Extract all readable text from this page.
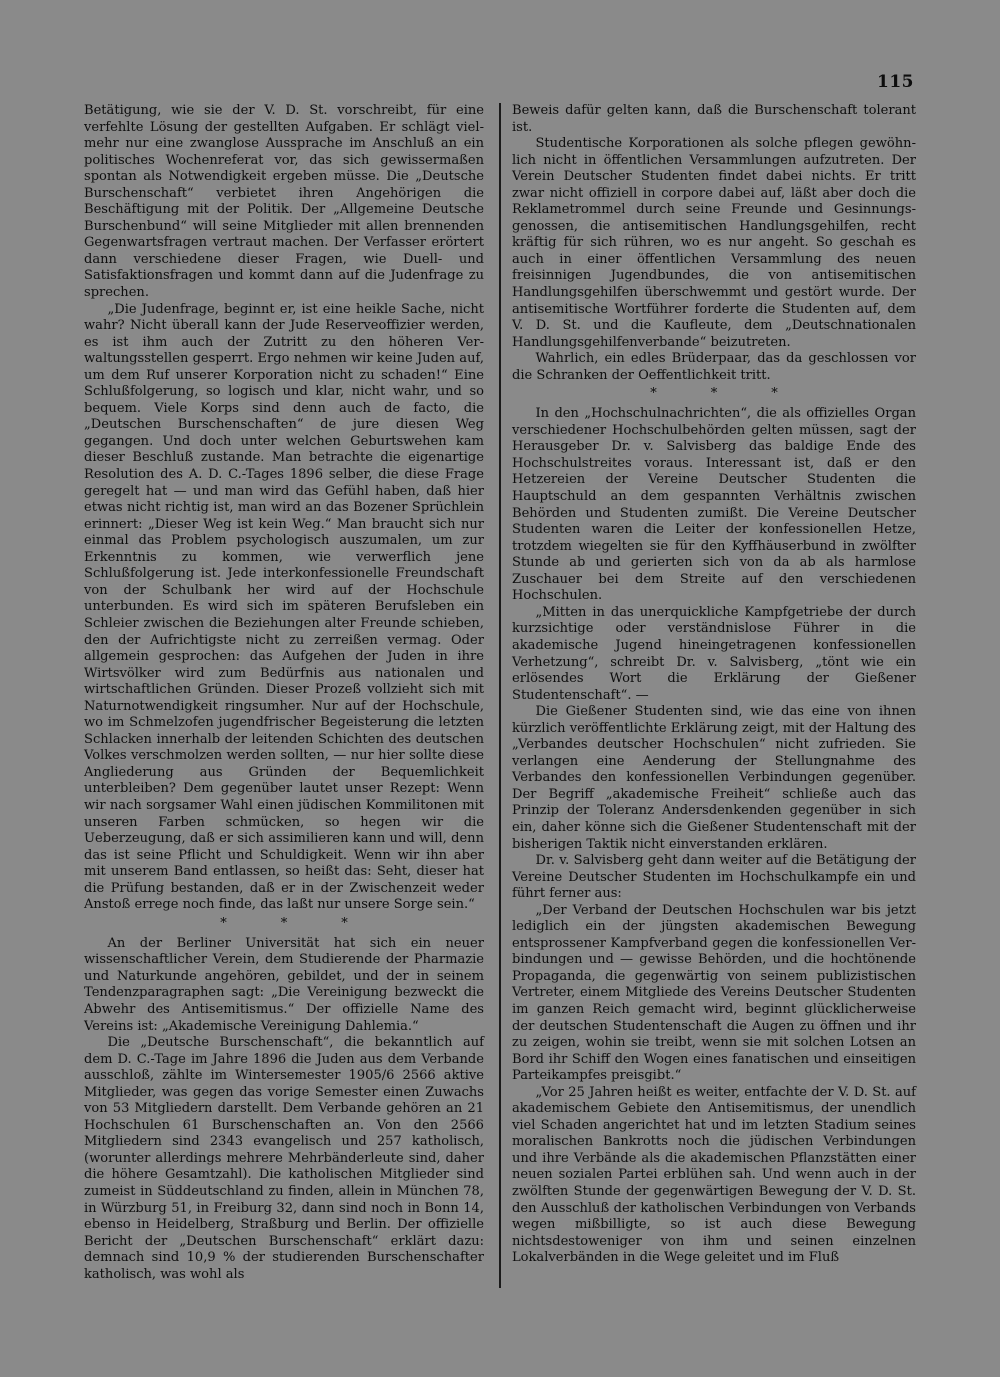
115

Betätigung, wie sie der V. D. St. vorschreibt, für eine verfehlte Lösung der gestellten Aufgaben. Er schlägt vielmehr nur eine zwanglose Aussprache im Anschluß an ein politisches Wochenreferat vor, das sich gewissermaßen spontan als Notwendigkeit ergeben müsse. Die „Deutsche Burschenschaft“ verbietet ihren Angehörigen die Beschäftigung mit der Politik. Der „Allgemeine Deutsche Burschenbund“ will seine Mitglieder mit allen brennenden Gegenwartsfragen vertraut machen. Der Verfasser erörtert dann verschiedene dieser Fragen, wie Duell- und Satisfaktionsfragen und kommt dann auf die Judenfrage zu sprechen.

„Die Judenfrage, beginnt er, ist eine heikle Sache, nicht wahr? Nicht überall kann der Jude Reserveoffizier werden, es ist ihm auch der Zutritt zu den höheren Verwaltungsstellen gesperrt. Ergo nehmen wir keine Juden auf, um dem Ruf unserer Korporation nicht zu schaden!“ Eine Schlußfolgerung, so logisch und klar, nicht wahr, und so bequem. Viele Korps sind denn auch de facto, die „Deutschen Burschenschaften“ de jure diesen Weg gegangen. Und doch unter welchen Geburtswehen kam dieser Beschluß zustande. Man betrachte die eigenartige Resolution des A. D. C.-Tages 1896 selber, die diese Frage geregelt hat — und man wird das Gefühl haben, daß hier etwas nicht richtig ist, man wird an das Bozener Sprüchlein erinnert: „Dieser Weg ist kein Weg.“ Man braucht sich nur einmal das Problem psychologisch auszumalen, um zur Erkenntnis zu kommen, wie verwerflich jene Schlußfolgerung ist. Jede interkonfessionelle Freundschaft von der Schulbank her wird auf der Hochschule unterbunden. Es wird sich im späteren Berufsleben ein Schleier zwischen die Beziehungen alter Freunde schieben, den der Aufrichtigste nicht zu zerreißen vermag. Oder allgemein gesprochen: das Aufgehen der Juden in ihre Wirtsvölker wird zum Bedürfnis aus nationalen und wirtschaftlichen Gründen. Dieser Prozeß vollzieht sich mit Naturnotwendigkeit ringsumher. Nur auf der Hochschule, wo im Schmelzofen jugendfrischer Begeisterung die letzten Schlacken innerhalb der leitenden Schichten des deutschen Volkes verschmolzen werden sollten, — nur hier sollte diese Angliederung aus Gründen der Bequemlichkeit unterbleiben? Dem gegenüber lautet unser Rezept: Wenn wir nach sorgsamer Wahl einen jüdischen Kommilitonen mit unseren Farben schmücken, so hegen wir die Ueberzeugung, daß er sich assimilieren kann und will, denn das ist seine Pflicht und Schuldigkeit. Wenn wir ihn aber mit unserem Band entlassen, so heißt das: Seht, dieser hat die Prüfung bestanden, daß er in der Zwischenzeit weder Anstoß errege noch finde, das laßt nur unsere Sorge sein.“

*	*	*

An der Berliner Universität hat sich ein neuer wissenschaftlicher Verein, dem Studierende der Pharmazie und Naturkunde angehören, gebildet, und der in seinem Tendenzparagraphen sagt: „Die Vereinigung bezweckt die Abwehr des Antisemitismus.“ Der offizielle Name des Vereins ist: „Akademische Vereinigung Dahlemia.“

Die „Deutsche Burschenschaft“, die bekanntlich auf dem D. C.-Tage im Jahre 1896 die Juden aus dem Verbande ausschloß, zählte im Wintersemester 1905/6 2566 aktive Mitglieder, was gegen das vorige Semester einen Zuwachs von 53 Mitgliedern darstellt. Dem Verbande gehören an 21 Hochschulen 61 Burschenschaften an. Von den 2566 Mitgliedern sind 2343 evangelisch und 257 katholisch, (worunter allerdings mehrere Mehrbänderleute sind, daher die höhere Gesamtzahl). Die katholischen Mitglieder sind zumeist in Süddeutschland zu finden, allein in München 78, in Würzburg 51, in Freiburg 32, dann sind noch in Bonn 14, ebenso in Heidelberg, Straßburg und Berlin. Der offizielle Bericht der „Deutschen Burschenschaft“ erklärt dazu: demnach sind 10,9 % der studierenden Burschenschafter katholisch, was wohl als

Beweis dafür gelten kann, daß die Burschenschaft tolerant ist.

Studentische Korporationen als solche pflegen gewöhnlich nicht in öffentlichen Versammlungen aufzutreten. Der Verein Deutscher Studenten findet dabei nichts. Er tritt zwar nicht offiziell in corpore dabei auf, läßt aber doch die Reklametrommel durch seine Freunde und Gesinnungsgenossen, die antisemitischen Handlungsgehilfen, recht kräftig für sich rühren, wo es nur angeht. So geschah es auch in einer öffentlichen Versammlung des neuen freisinnigen Jugendbundes, die von antisemitischen Handlungsgehilfen überschwemmt und gestört wurde. Der antisemitische Wortführer forderte die Studenten auf, dem V. D. St. und die Kaufleute, dem „Deutschnationalen Handlungsgehilfenverbande“ beizutreten.

Wahrlich, ein edles Brüderpaar, das da geschlossen vor die Schranken der Oeffentlichkeit tritt.

*	*	*

In den „Hochschulnachrichten“, die als offizielles Organ verschiedener Hochschulbehörden gelten müssen, sagt der Herausgeber Dr. v. Salvisberg das baldige Ende des Hochschulstreites voraus. Interessant ist, daß er den Hetzereien der Vereine Deutscher Studenten die Hauptschuld an dem gespannten Verhältnis zwischen Behörden und Studenten zumißt. Die Vereine Deutscher Studenten waren die Leiter der konfessionellen Hetze, trotzdem wiegelten sie für den Kyffhäuserbund in zwölfter Stunde ab und gerierten sich von da ab als harmlose Zuschauer bei dem Streite auf den verschiedenen Hochschulen.

„Mitten in das unerquickliche Kampfgetriebe der durch kurzsichtige oder verständnislose Führer in die akademische Jugend hineingetragenen konfessionellen Verhetzung“, schreibt Dr. v. Salvisberg, „tönt wie ein erlösendes Wort die Erklärung der Gießener Studentenschaft“. —

Die Gießener Studenten sind, wie das eine von ihnen kürzlich veröffentlichte Erklärung zeigt, mit der Haltung des „Verbandes deutscher Hochschulen“ nicht zufrieden. Sie verlangen eine Aenderung der Stellungnahme des Verbandes den konfessionellen Verbindungen gegenüber. Der Begriff „akademische Freiheit“ schließe auch das Prinzip der Toleranz Andersdenkenden gegenüber in sich ein, daher könne sich die Gießener Studentenschaft mit der bisherigen Taktik nicht einverstanden erklären.

Dr. v. Salvisberg geht dann weiter auf die Betätigung der Vereine Deutscher Studenten im Hochschulkampfe ein und führt ferner aus:

„Der Verband der Deutschen Hochschulen war bis jetzt lediglich ein der jüngsten akademischen Bewegung entsprossener Kampfverband gegen die konfessionellen Verbindungen und — gewisse Behörden, und die hochtönende Propaganda, die gegenwärtig von seinem publizistischen Vertreter, einem Mitgliede des Vereins Deutscher Studenten im ganzen Reich gemacht wird, beginnt glücklicherweise der deutschen Studentenschaft die Augen zu öffnen und ihr zu zeigen, wohin sie treibt, wenn sie mit solchen Lotsen an Bord ihr Schiff den Wogen eines fanatischen und einseitigen Parteikampfes preisgibt.“

„Vor 25 Jahren heißt es weiter, entfachte der V. D. St. auf akademischem Gebiete den Antisemitismus, der unendlich viel Schaden angerichtet hat und im letzten Stadium seines moralischen Bankrotts noch die jüdischen Verbindungen und ihre Verbände als die akademischen Pflanzstätten einer neuen sozialen Partei erblühen sah. Und wenn auch in der zwölften Stunde der gegenwärtigen Bewegung der V. D. St. den Ausschluß der katholischen Verbindungen von Verbands wegen mißbilligte, so ist auch diese Bewegung nichtsdestoweniger von ihm und seinen einzelnen Lokalverbänden in die Wege geleitet und im Fluß
